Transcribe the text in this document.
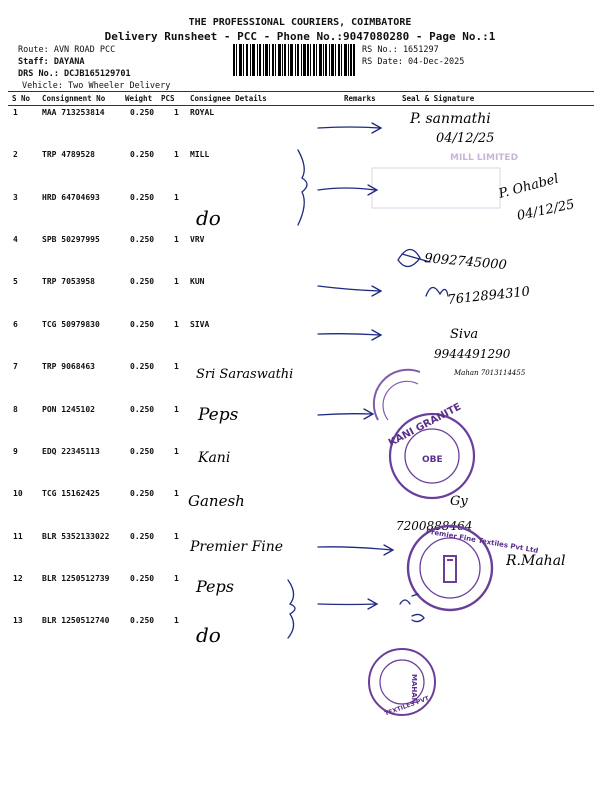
THE PROFESSIONAL COURIERS, COIMBATORE
Delivery Runsheet - PCC - Phone No.:9047080280 - Page No.:1
Route: AVN ROAD PCC
Staff: DAYANA
DRS No.: DCJB165129701
Vehicle: Two Wheeler Delivery
RS No.: 1651297
RS Date: 04-Dec-2025
S No Consignment No	Weight PCS Consignee Details	Remarks	Seal & Signature
1	MAA 713253814	0.250 1 ROYAL
2	TRP 4789528	0.250 1 MILL
3	HRD 64704693	0.250 1
4	SPB 50297995	0.250 1 VRV
5	TRP 7053958	0.250 1 KUN
6	TCG 50979830	0.250 1 SIVA
7	TRP 9068463	0.250 1
8	PON 1245102	0.250 1
9	EDQ 22345113	0.250 1
10 TCG 15162425	0.250 1
11 BLR 5352133022	0.250 1
12 BLR 1250512739	0.250 1
13 BLR 1250512740	0.250 1
P. sanmathi
04/12/25
MILL LIMITED
do
P. Ohabel
04/12/25
9092745000
7612894310
Siva
9944491290
Sri Saraswathi	Mahan 7013114455
Peps	KANI GRANITE
OBE
Kani
Ganesh	Gy
7200888464
Premier Fine	Premier Fine Textiles Pvt Ltd
R.Mahal
Peps
do
MAHAN
TEXTILES PVT
